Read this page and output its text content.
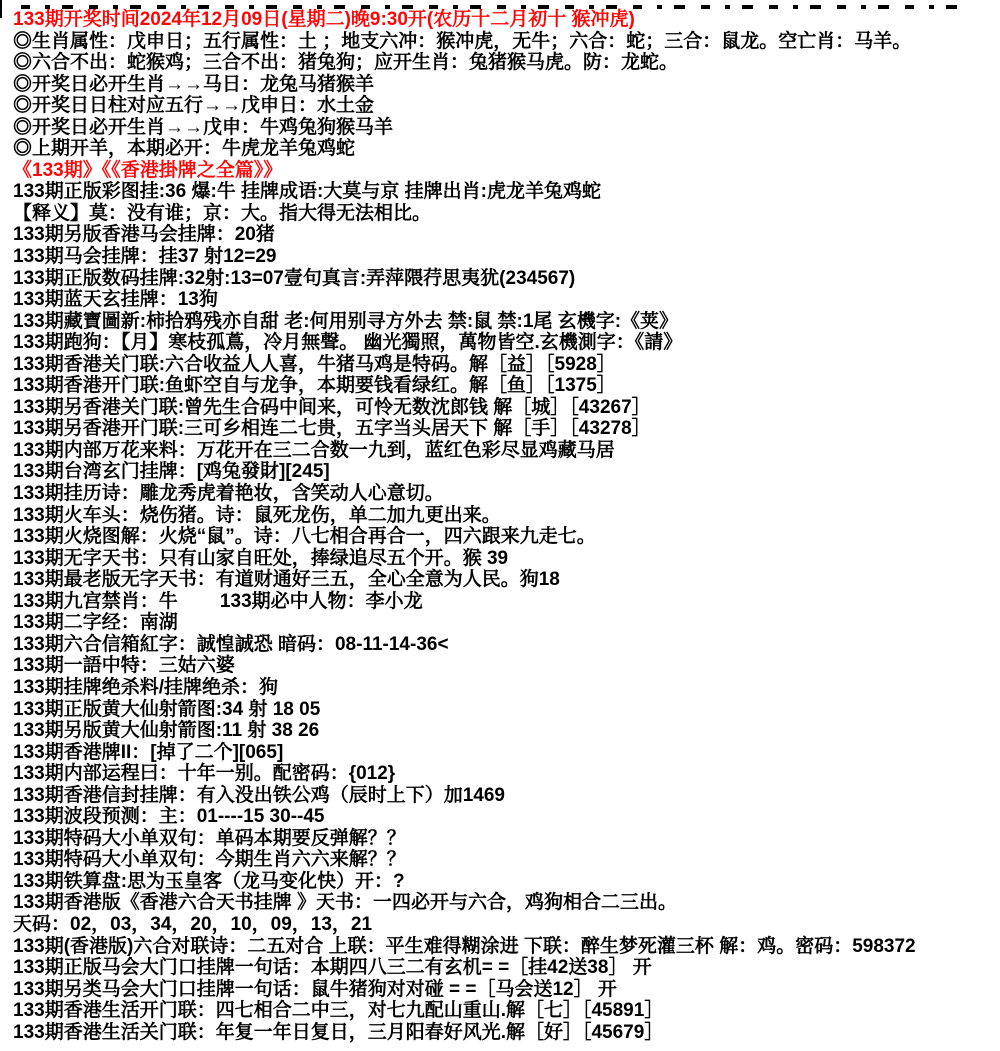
133期开奖时间2024年12月09日(星期二)晚9:30开(农历十二月初十 猴冲虎)
◎生肖属性：戊申日；五行属性：土 ；地支六冲：猴冲虎，无牛；六合：蛇；三合：鼠龙。空亡肖：马羊。
◎六合不出：蛇猴鸡；三合不出：猪兔狗；应开生肖：兔猪猴马虎。防：龙蛇。
◎开奖日必开生肖→→马日：龙兔马猪猴羊
◎开奖日日柱对应五行→→戊申日：水土金
◎开奖日必开生肖→→戊申：牛鸡兔狗猴马羊
◎上期开羊，本期必开：牛虎龙羊兔鸡蛇
《133期》《《香港掛牌之全篇》》
133期正版彩图挂:36 爆:牛 挂牌成语:大莫与京 挂牌出肖:虎龙羊兔鸡蛇
【释义】莫：没有谁；京：大。指大得无法相比。
133期另版香港马会挂牌：20猪
133期马会挂牌：挂37 射12=29
133期正版数码挂牌:32射:13=07壹句真言:弄萍隈荇思夷犹(234567)
133期蓝天玄挂牌：13狗
133期藏寶圖新:柿拾鸦残亦自甜 老:何用别寻方外去 禁:鼠 禁:1尾 玄機字:《荚》
133期跑狗：【月】寒枝孤蔦，冷月無聲。 幽光獨照，萬物皆空.玄機測字：《請》
133期香港关门联:六合收益人人喜，牛猪马鸡是特码。解［益］［5928］
133期香港开门联:鱼虾空自与龙争，本期要钱看绿红。解［鱼］［1375］
133期另香港关门联:曾先生合码中间来，可怜无数沈郎钱 解［城］［43267］
133期另香港开门联:三可乡相连二七贵，五字当头居天下 解［手］［43278］
133期内部万花来料：万花开在三二合数一九到，蓝红色彩尽显鸡藏马居
133期台湾玄门挂牌：[鸡兔發財][245]
133期挂历诗：雕龙秀虎着艳妆，含笑动人心意切。
133期火车头：烧伤猪。诗：鼠死龙伤，单二加九更出来。
133期火烧图解：火烧“鼠”。诗：八七相合再合一，四六跟来九走七。
133期无字天书：只有山家自旺处，捧绿追尽五个开。猴 39
133期最老版无字天书：有道财通好三五，全心全意为人民。狗18
133期九宫禁肖：牛        133期必中人物：李小龙
133期二字经：南湖
133期六合信箱紅字：誠惶誠恐 暗码：08-11-14-36<
133期一語中特：三姑六婆
133期挂牌绝杀料/挂牌绝杀：狗
133期正版黄大仙射箭图:34 射 18 05
133期另版黄大仙射箭图:11 射 38 26
133期香港牌II：[掉了二个][065]
133期内部运程曰：十年一别。配密码：{012}
133期香港信封挂牌：有入没出铁公鸡（辰时上下）加1469
133期波段预测：主：01----15 30--45
133期特码大小单双句：单码本期要反弹解？？
133期特码大小单双句：今期生肖六六来解？？
133期铁算盘:思为玉皇客（龙马变化快）开：?
133期香港版《香港六合天书挂牌 》天书：一四必开与六合，鸡狗相合二三出。
天码：02，03，34，20，10，09，13，21
133期(香港版)六合对联诗：二五对合 上联：平生难得糊涂进 下联：醉生梦死灌三杯 解：鸡。密码：598372
133期正版马会大门口挂牌一句话：本期四八三二有玄机= =［挂42送38］ 开
133期另类马会大门口挂牌一句话：鼠牛猪狗对对碰 = =［马会送12］ 开
133期香港生活开门联：四七相合二中三，对七九配山重山.解［七］［45891］
133期香港生活关门联：年复一年日复日，三月阳春好风光.解［好］［45679］
